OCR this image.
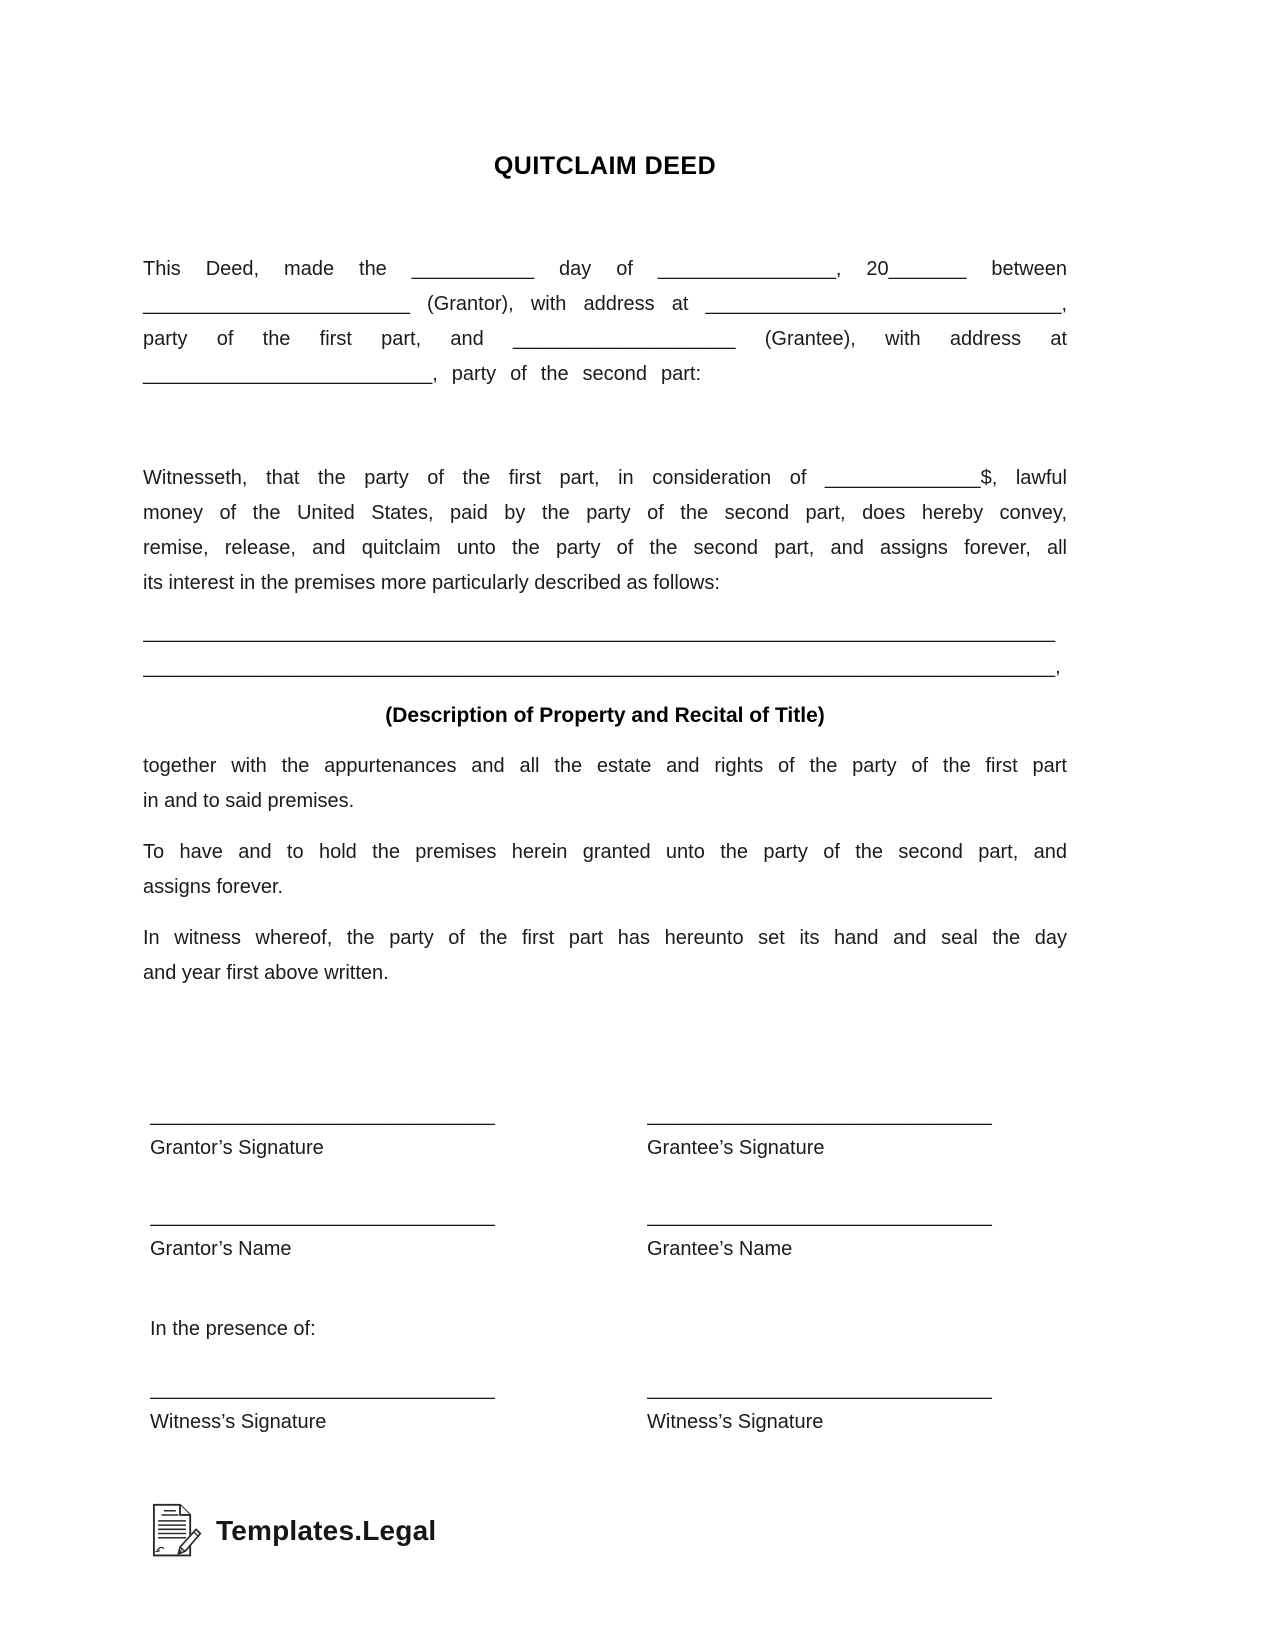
QUITCLAIM DEED
This Deed, made the ___________ day of ________________, 20_______ between
________________________ (Grantor), with address at ________________________________,
party of the first part, and ____________________ (Grantee), with address at
__________________________, party of the second part:
Witnesseth, that the party of the first part, in consideration of ______________$, lawful
money of the United States, paid by the party of the second part, does hereby convey,
remise, release, and quitclaim unto the party of the second part, and assigns forever, all
its interest in the premises more particularly described as follows:
__________________________________________________________________________________
__________________________________________________________________________________,
(Description of Property and Recital of Title)
together with the appurtenances and all the estate and rights of the party of the first part
in and to said premises.
To have and to hold the premises herein granted unto the party of the second part, and
assigns forever.
In witness whereof, the party of the first part has hereunto set its hand and seal the day
and year first above written.
_______________________________
Grantor’s Signature
_______________________________
Grantee’s Signature
_______________________________
Grantor’s Name
_______________________________
Grantee’s Name
In the presence of:
_______________________________
Witness’s Signature
_______________________________
Witness’s Signature
Templates.Legal
